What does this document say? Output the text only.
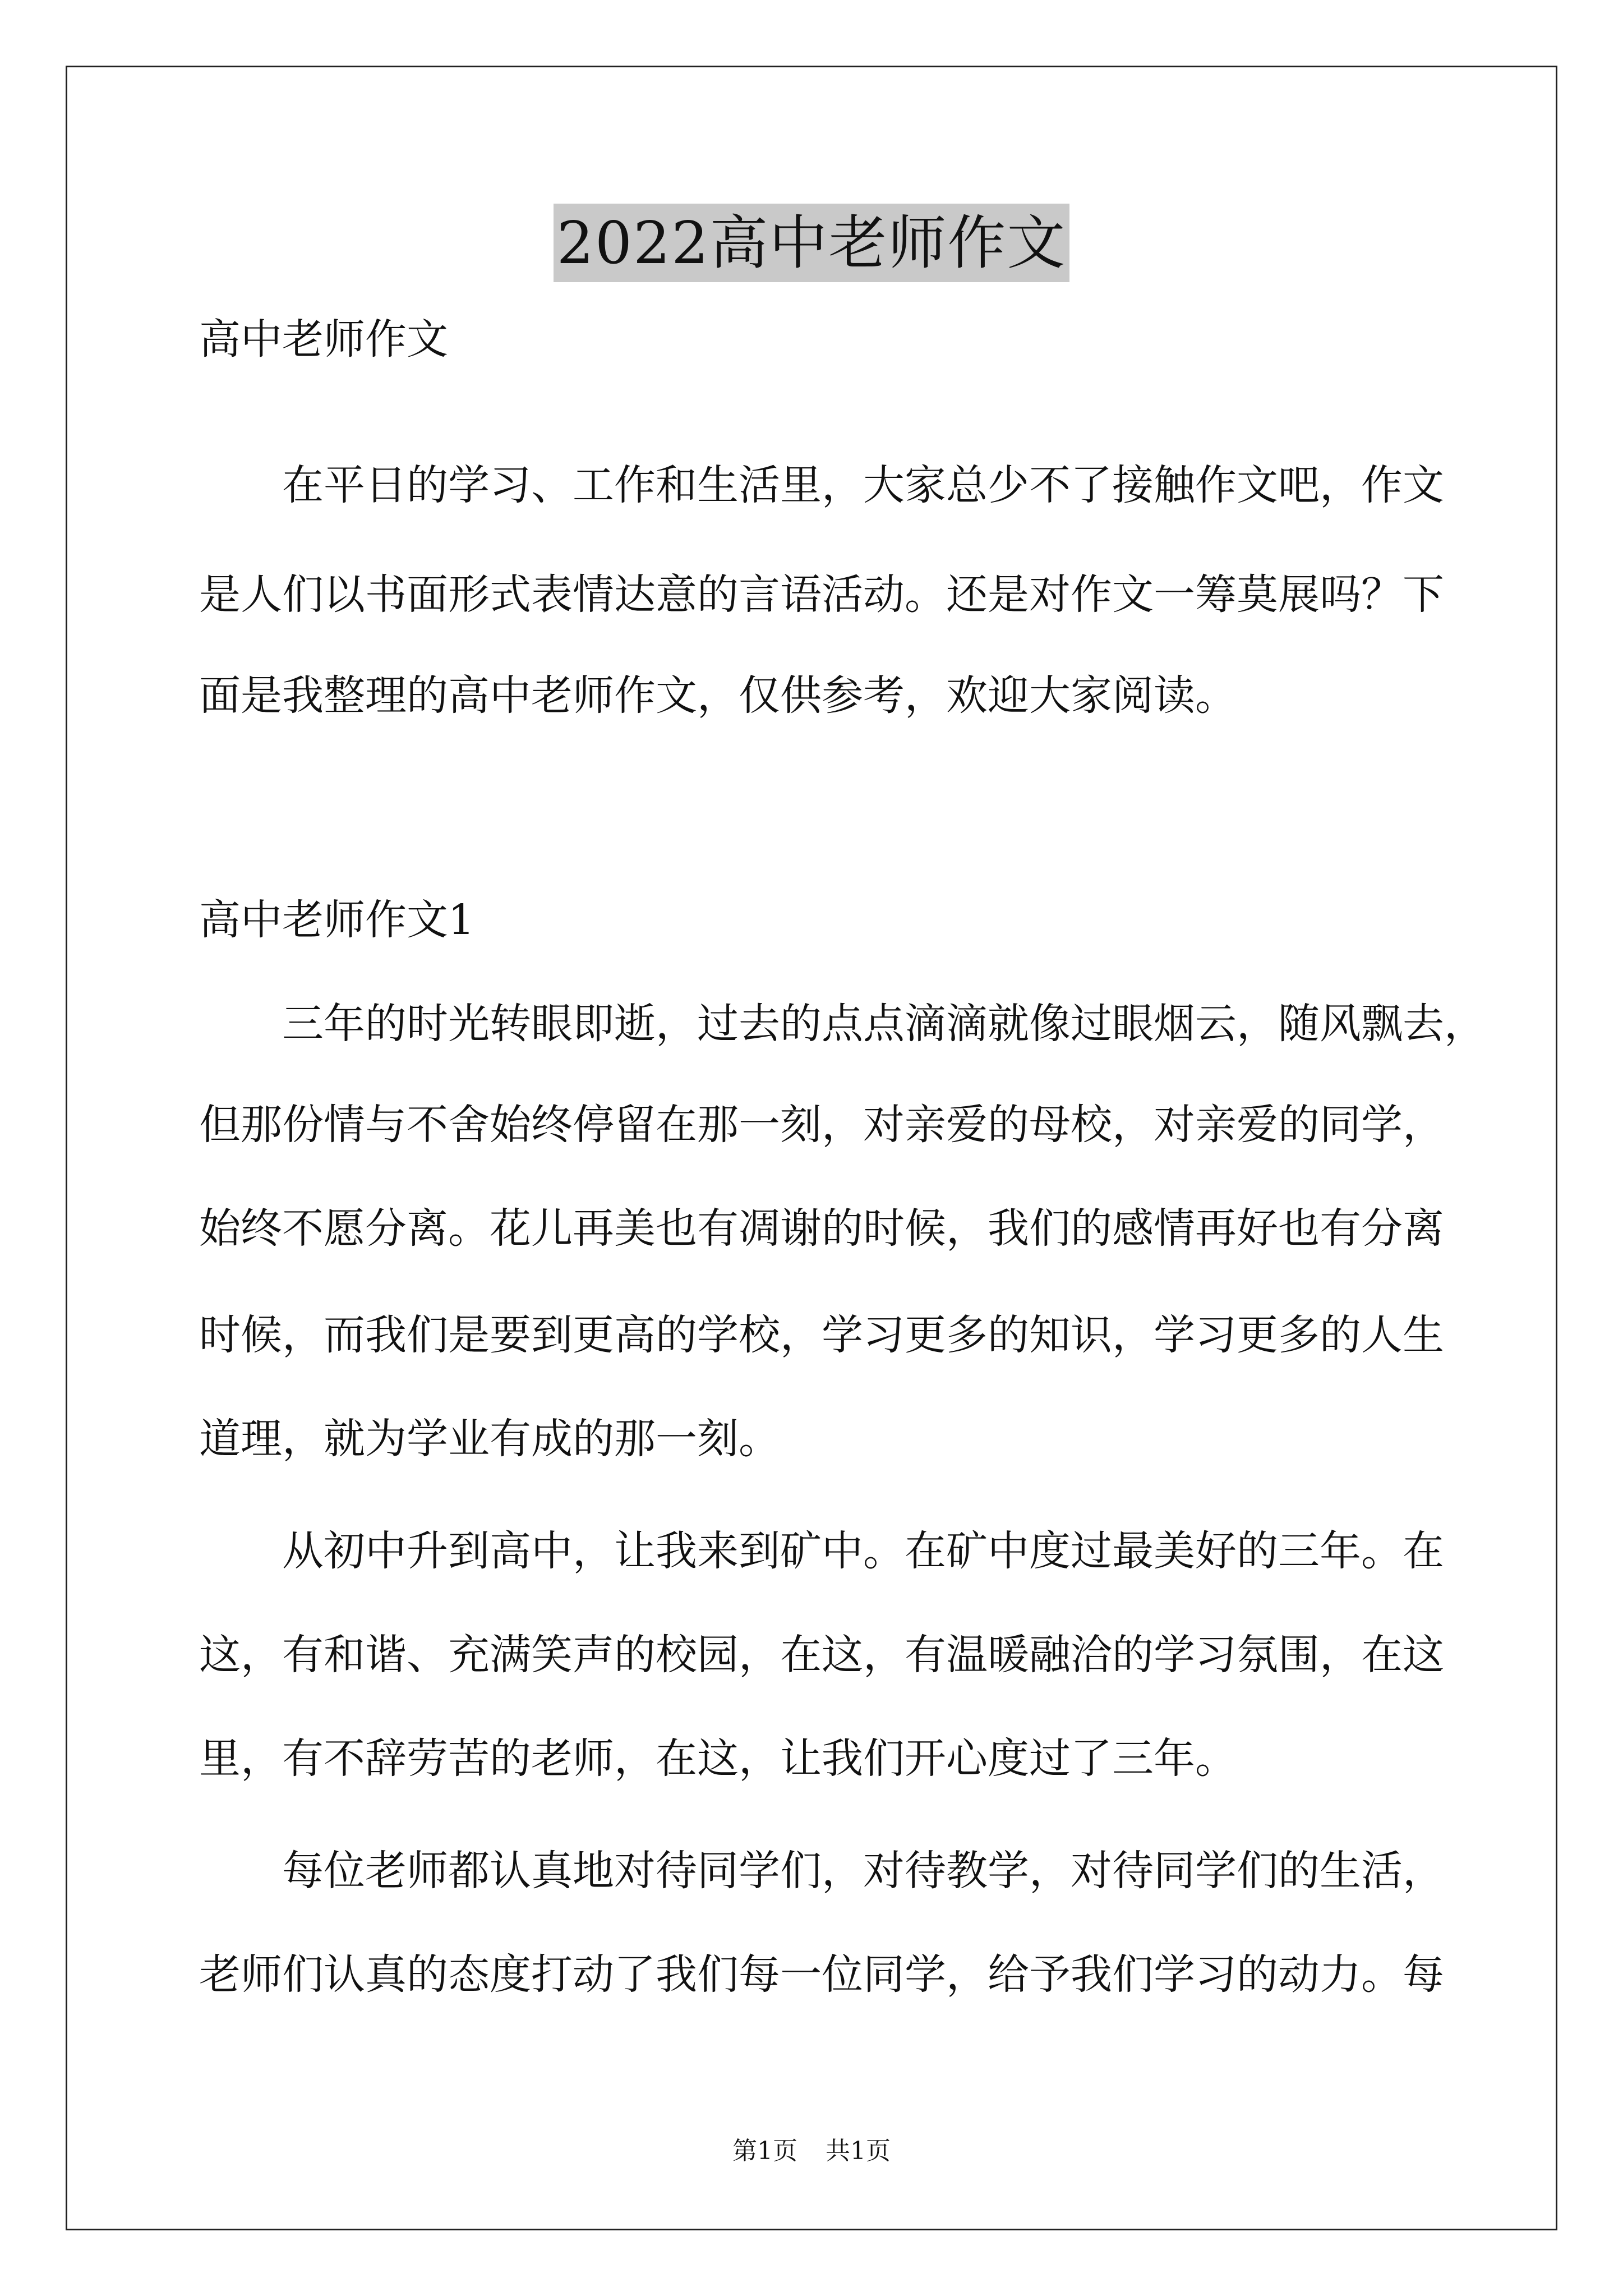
2022高中老师作文
高中老师作文
在平日的学习、工作和生活里，大家总少不了接触作文吧，作文
是人们以书面形式表情达意的言语活动。还是对作文一筹莫展吗？下
面是我整理的高中老师作文，仅供参考，欢迎大家阅读。
高中老师作文1
三年的时光转眼即逝，过去的点点滴滴就像过眼烟云，随风飘去，
但那份情与不舍始终停留在那一刻，对亲爱的母校，对亲爱的同学，
始终不愿分离。花儿再美也有凋谢的时候，我们的感情再好也有分离
时候，而我们是要到更高的学校，学习更多的知识，学习更多的人生
道理，就为学业有成的那一刻。
从初中升到高中，让我来到矿中。在矿中度过最美好的三年。在
这，有和谐、充满笑声的校园，在这，有温暖融洽的学习氛围，在这
里，有不辞劳苦的老师，在这，让我们开心度过了三年。
每位老师都认真地对待同学们，对待教学，对待同学们的生活，
老师们认真的态度打动了我们每一位同学，给予我们学习的动力。每
第1页 共1页
